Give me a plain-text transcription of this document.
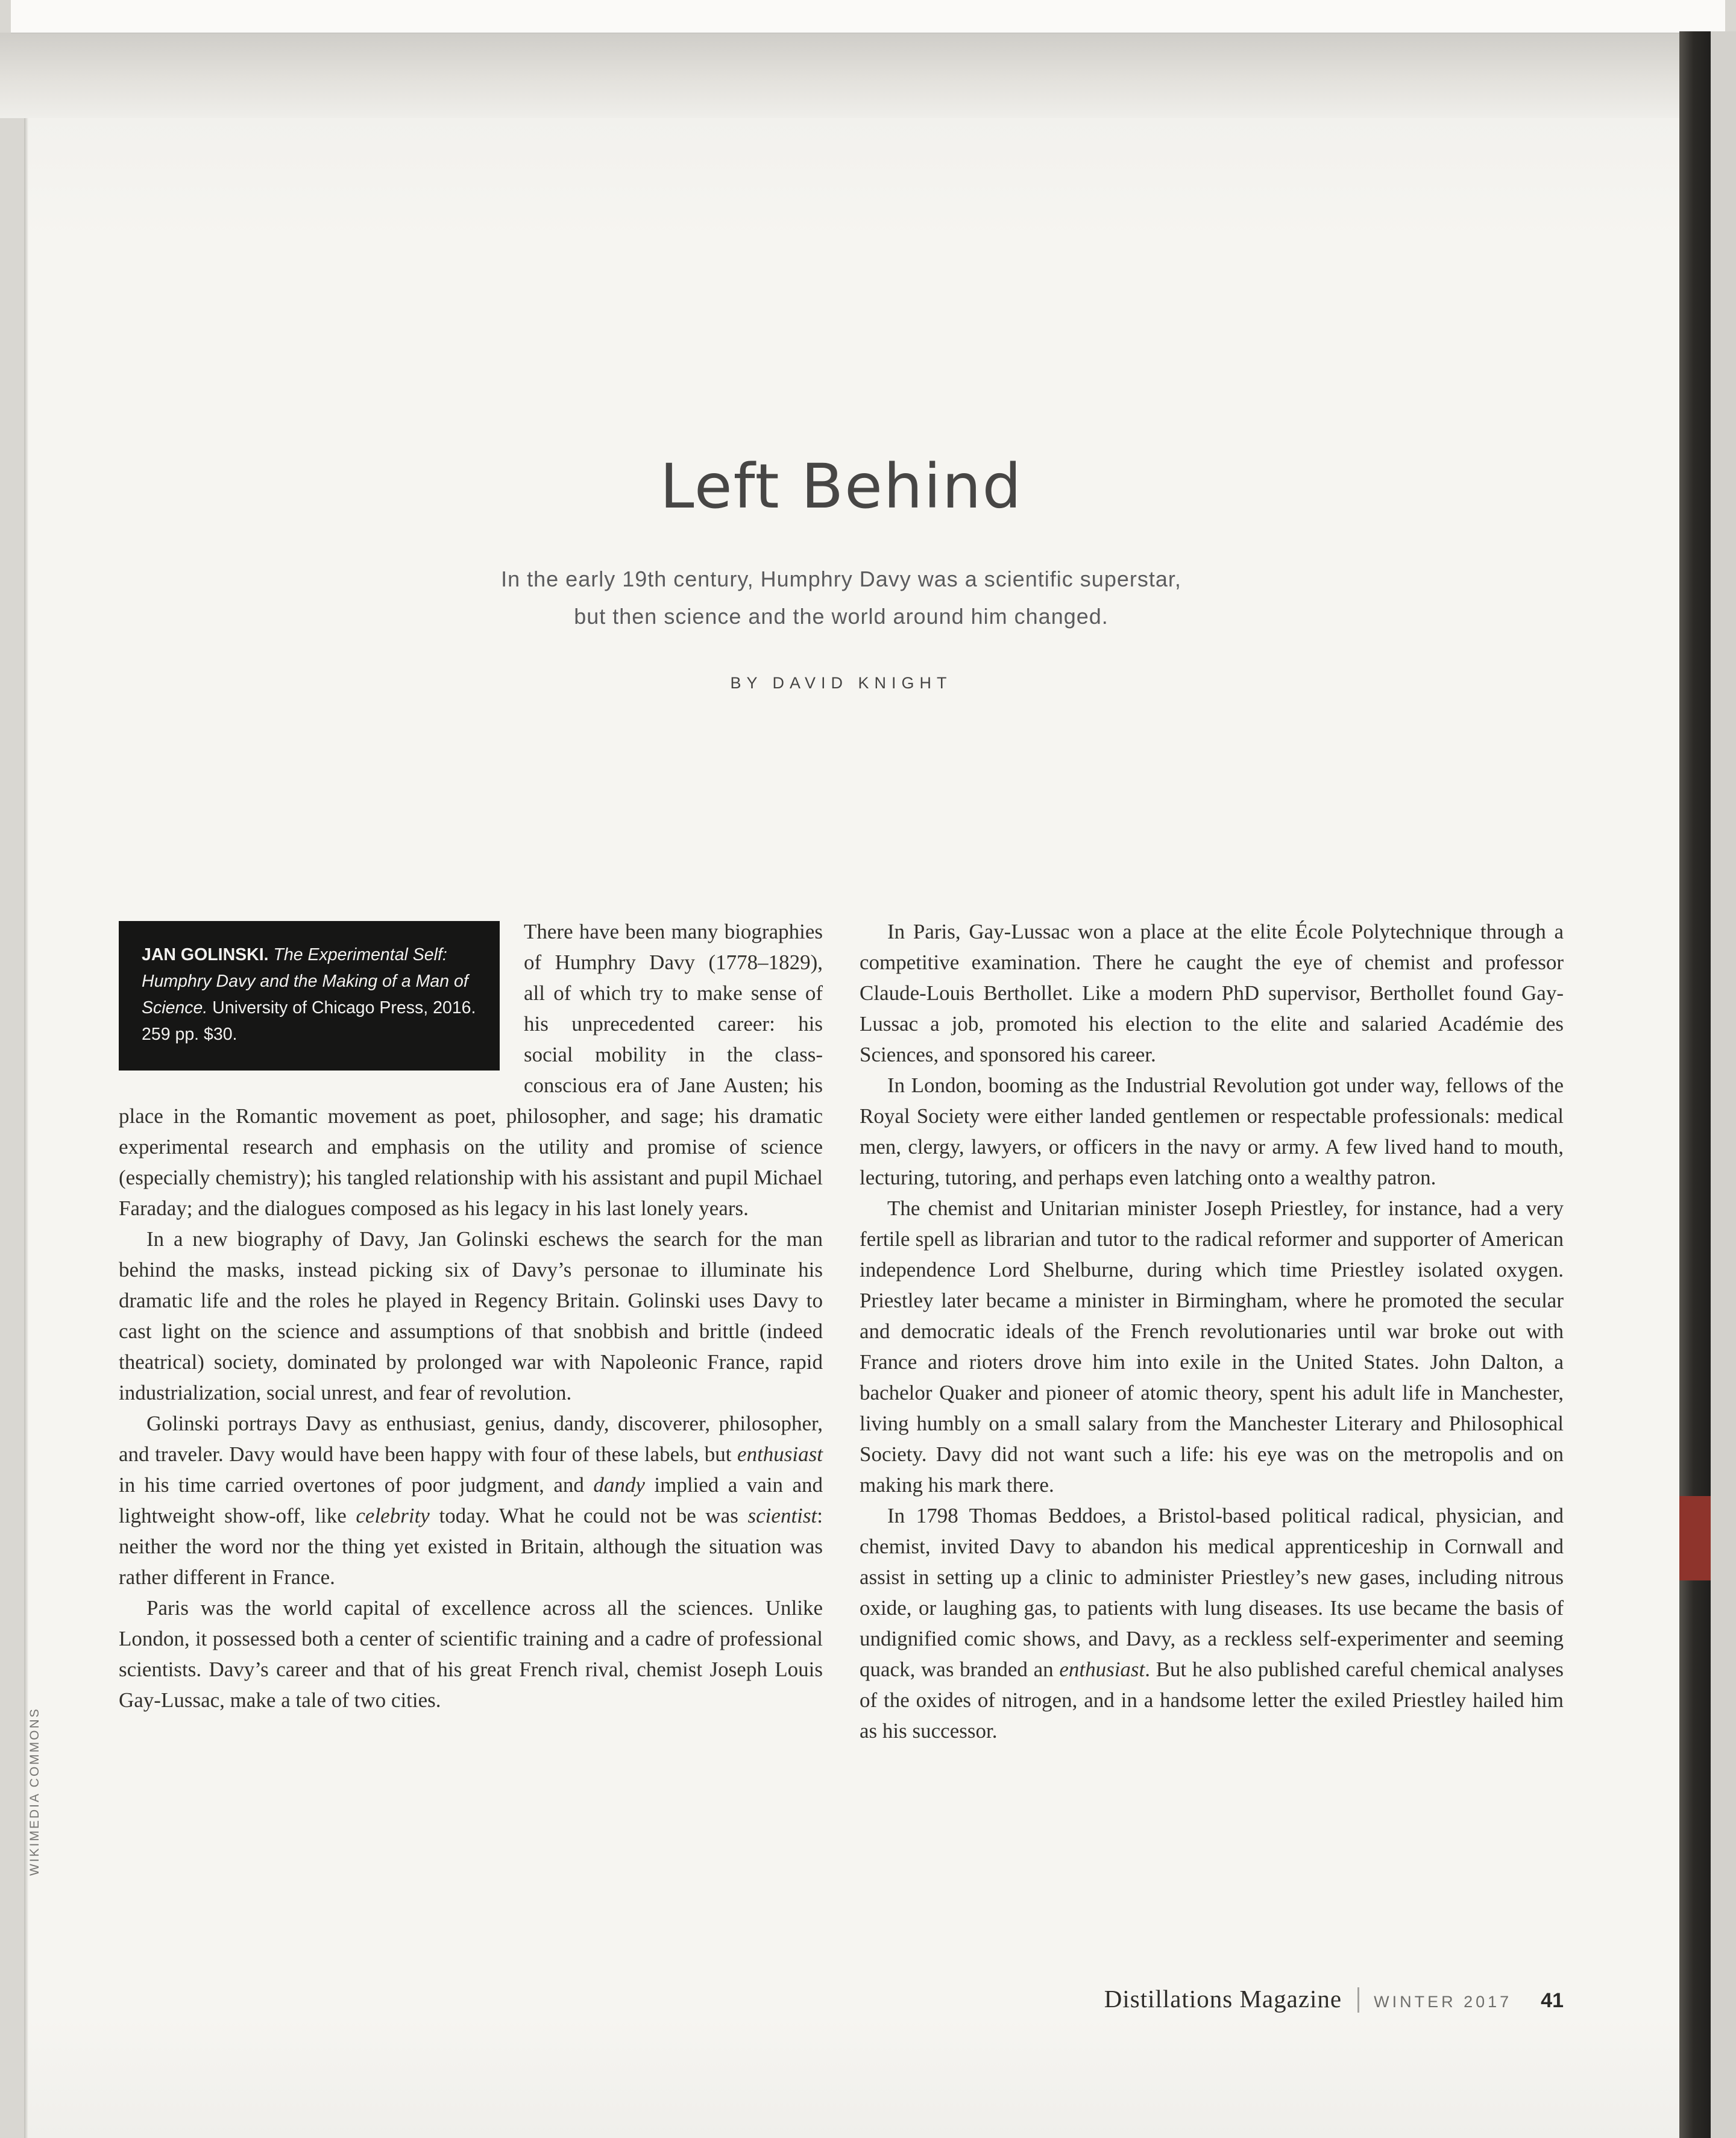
Left Behind
In the early 19th century, Humphry Davy was a scientific superstar,
but then science and the world around him changed.
BY DAVID KNIGHT
JAN GOLINSKI. The Experimental Self: Humphry Davy and the Making of a Man of Science. University of Chicago Press, 2016. 259 pp. $30.

There have been many biographies of Humphry Davy (1778–1829), all of which try to make sense of his unprecedented career: his social mobility in the class-conscious era of Jane Austen; his place in the Romantic movement as poet, philosopher, and sage; his dramatic experimental research and emphasis on the utility and promise of science (especially chemistry); his tangled relationship with his assistant and pupil Michael Faraday; and the dialogues composed as his legacy in his last lonely years.

In a new biography of Davy, Jan Golinski eschews the search for the man behind the masks, instead picking six of Davy’s personae to illuminate his dramatic life and the roles he played in Regency Britain. Golinski uses Davy to cast light on the science and assumptions of that snobbish and brittle (indeed theatrical) society, dominated by prolonged war with Napoleonic France, rapid industrialization, social unrest, and fear of revolution.

Golinski portrays Davy as enthusiast, genius, dandy, discoverer, philosopher, and traveler. Davy would have been happy with four of these labels, but enthusiast in his time carried overtones of poor judgment, and dandy implied a vain and lightweight show-off, like celebrity today. What he could not be was scientist: neither the word nor the thing yet existed in Britain, although the situation was rather different in France.

Paris was the world capital of excellence across all the sciences. Unlike London, it possessed both a center of scientific training and a cadre of professional scientists. Davy’s career and that of his great French rival, chemist Joseph Louis Gay-Lussac, make a tale of two cities.

In Paris, Gay-Lussac won a place at the elite École Polytechnique through a competitive examination. There he caught the eye of chemist and professor Claude-Louis Berthollet. Like a modern PhD supervisor, Berthollet found Gay-Lussac a job, promoted his election to the elite and salaried Académie des Sciences, and sponsored his career.

In London, booming as the Industrial Revolution got under way, fellows of the Royal Society were either landed gentlemen or respectable professionals: medical men, clergy, lawyers, or officers in the navy or army. A few lived hand to mouth, lecturing, tutoring, and perhaps even latching onto a wealthy patron.

The chemist and Unitarian minister Joseph Priestley, for instance, had a very fertile spell as librarian and tutor to the radical reformer and supporter of American independence Lord Shelburne, during which time Priestley isolated oxygen. Priestley later became a minister in Birmingham, where he promoted the secular and democratic ideals of the French revolutionaries until war broke out with France and rioters drove him into exile in the United States. John Dalton, a bachelor Quaker and pioneer of atomic theory, spent his adult life in Manchester, living humbly on a small salary from the Manchester Literary and Philosophical Society. Davy did not want such a life: his eye was on the metropolis and on making his mark there.

In 1798 Thomas Beddoes, a Bristol-based political radical, physician, and chemist, invited Davy to abandon his medical apprenticeship in Cornwall and assist in setting up a clinic to administer Priestley’s new gases, including nitrous oxide, or laughing gas, to patients with lung diseases. Its use became the basis of undignified comic shows, and Davy, as a reckless self-experimenter and seeming quack, was branded an enthusiast. But he also published careful chemical analyses of the oxides of nitrogen, and in a handsome letter the exiled Priestley hailed him as his successor.

WIKIMEDIA COMMONS
Distillations Magazine WINTER 2017 41
